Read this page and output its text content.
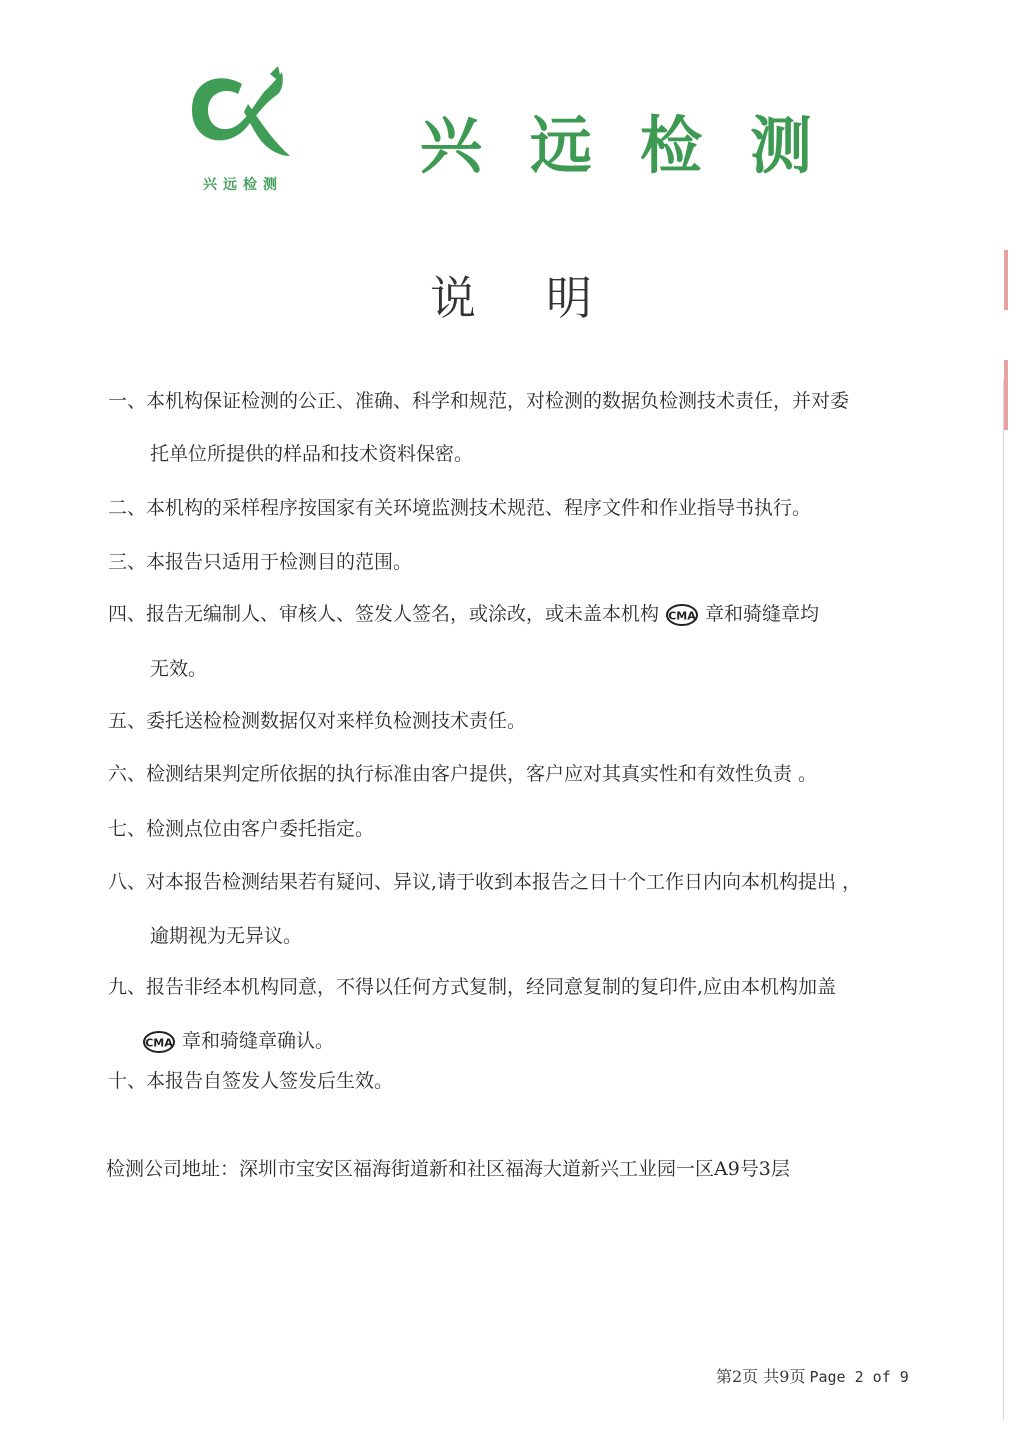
兴远检测
兴远检测
说 明
一、本机构保证检测的公正、准确、科学和规范，对检测的数据负检测技术责任，并对委
托单位所提供的样品和技术资料保密。
二、本机构的采样程序按国家有关环境监测技术规范、程序文件和作业指导书执行。
三、本报告只适用于检测目的范围。
四、报告无编制人、审核人、签发人签名，或涂改，或未盖本机构 CMA 章和骑缝章均
无效。
五、委托送检检测数据仅对来样负检测技术责任。
六、检测结果判定所依据的执行标准由客户提供，客户应对其真实性和有效性负责 。
七、检测点位由客户委托指定。
八、对本报告检测结果若有疑问、异议,请于收到本报告之日十个工作日内向本机构提出 ，
逾期视为无异议。
九、报告非经本机构同意，不得以任何方式复制，经同意复制的复印件,应由本机构加盖
CMA 章和骑缝章确认。
十、本报告自签发人签发后生效。
检测公司地址：深圳市宝安区福海街道新和社区福海大道新兴工业园一区A9号3层
第2页 共9页 Page 2 of 9
